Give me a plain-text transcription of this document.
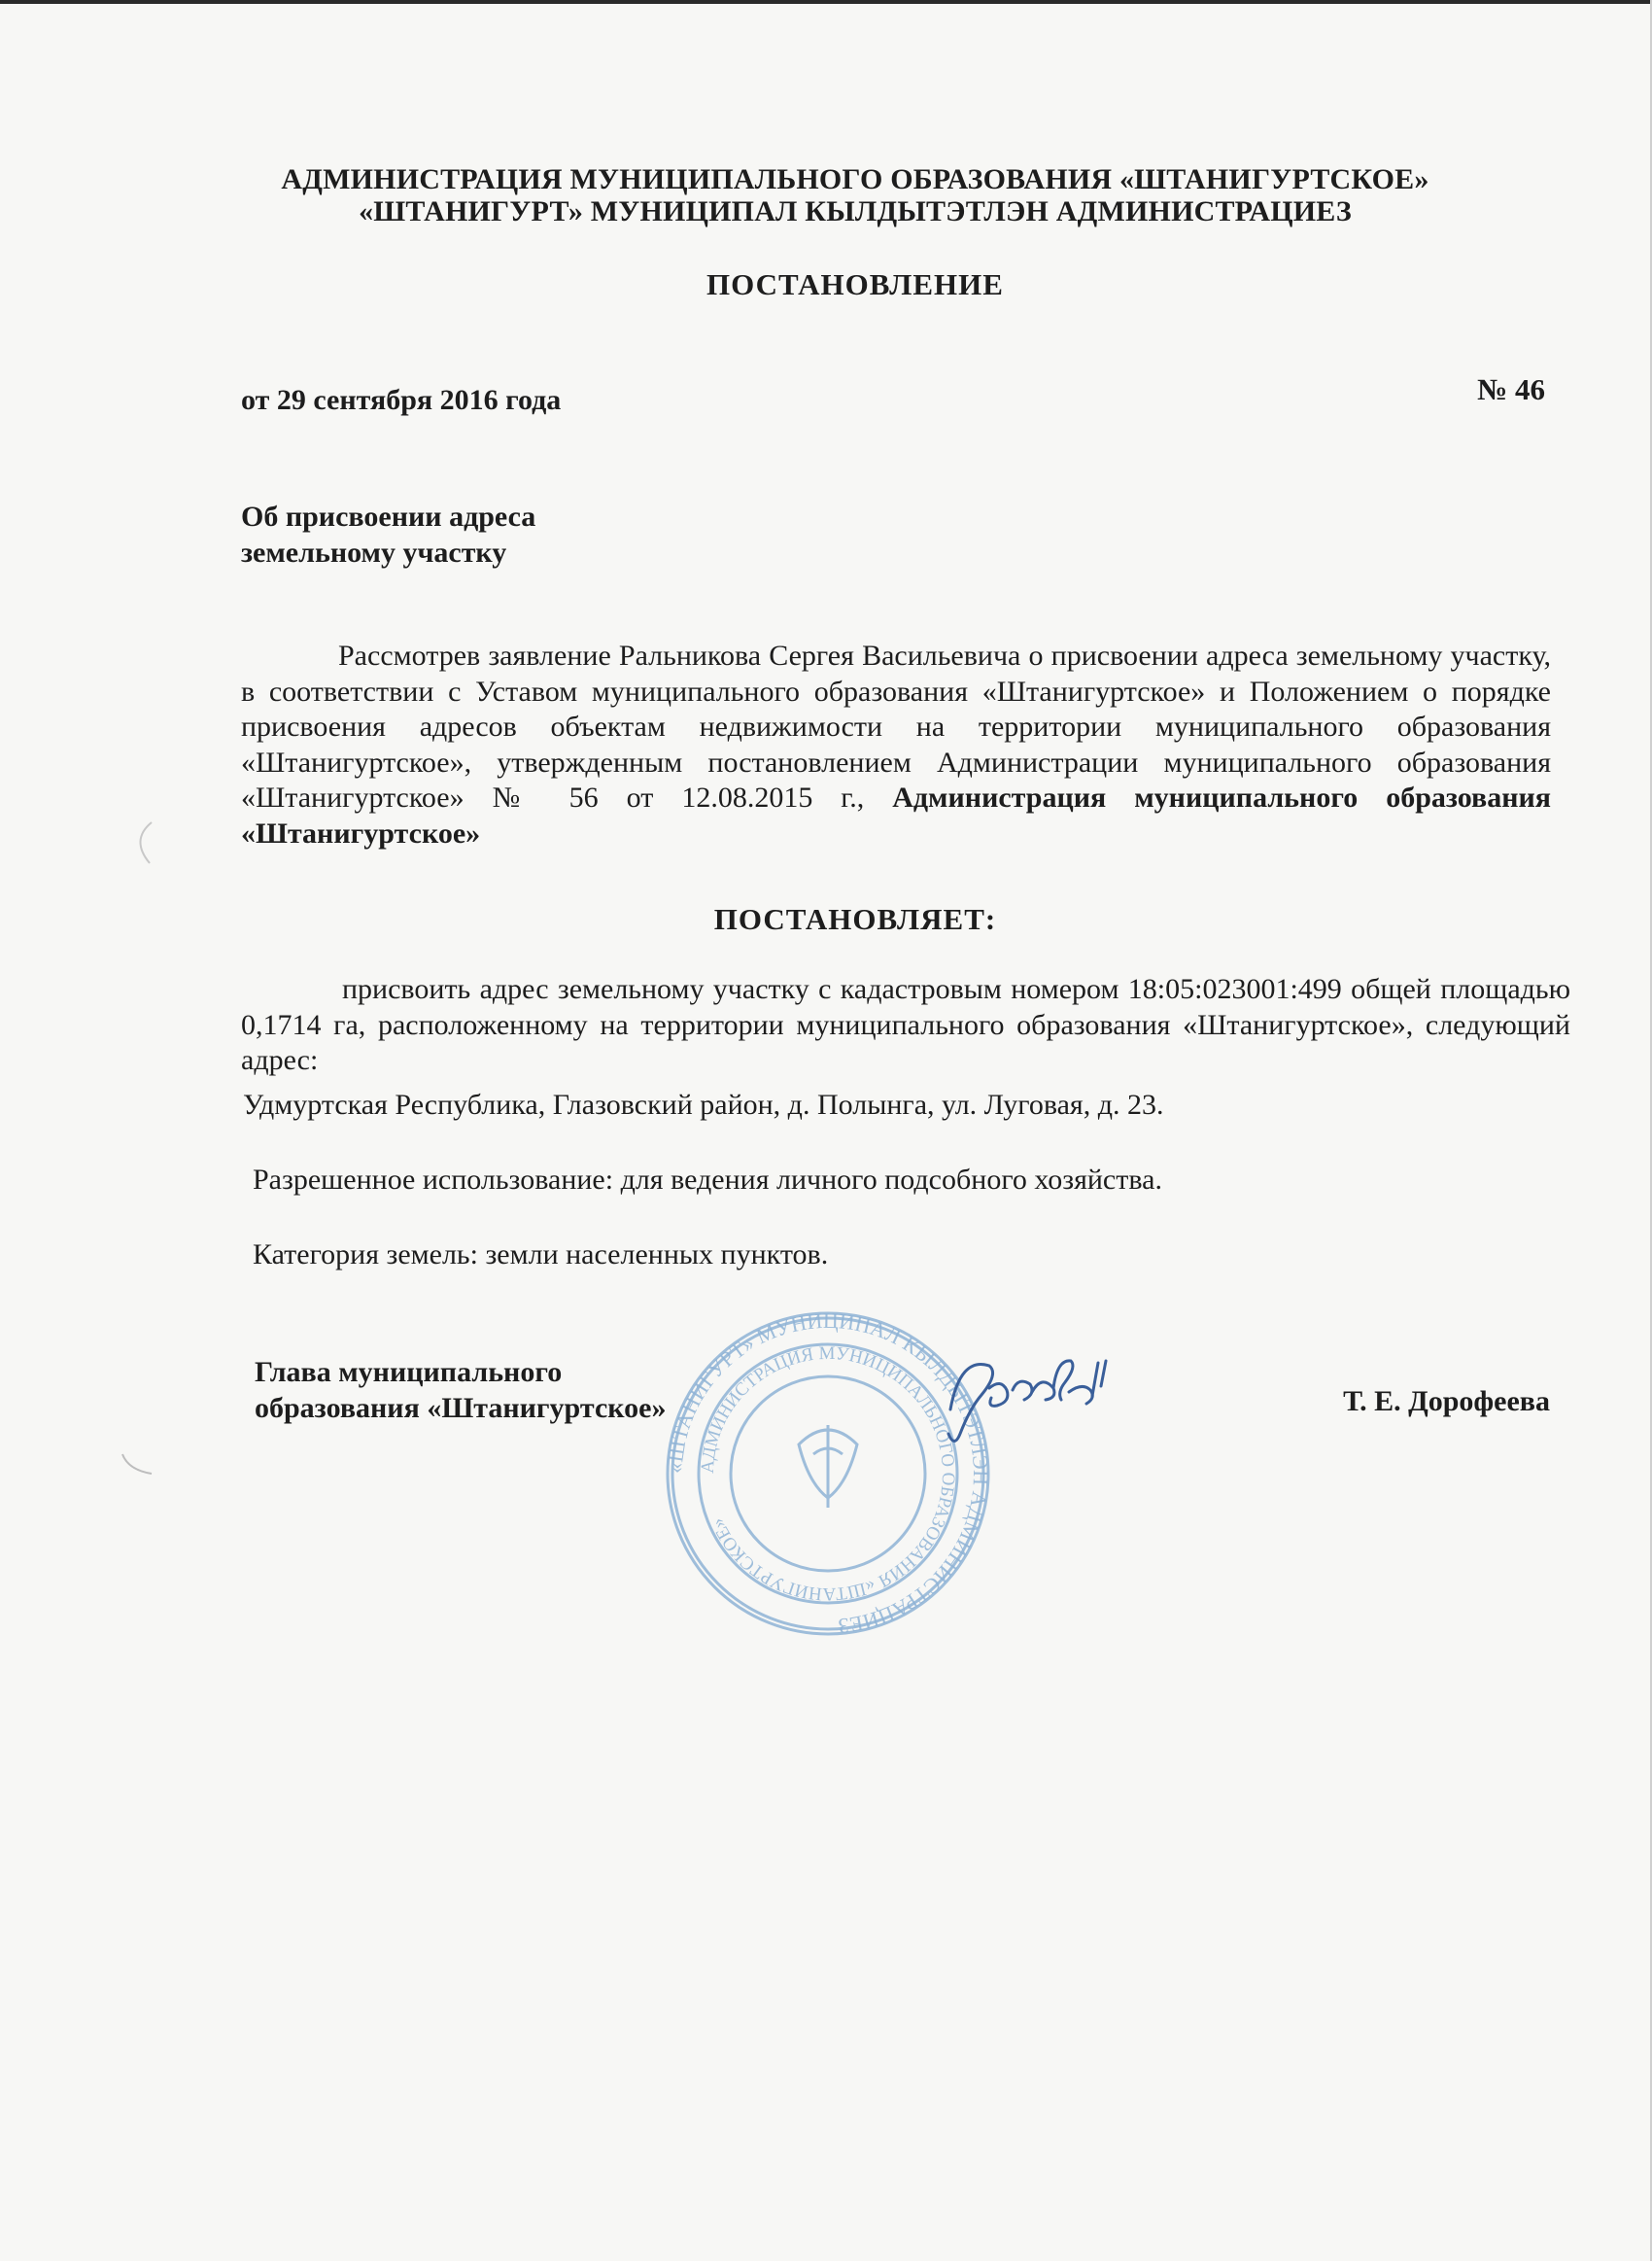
АДМИНИСТРАЦИЯ МУНИЦИПАЛЬНОГО ОБРАЗОВАНИЯ «ШТАНИГУРТСКОЕ»
«ШТАНИГУРТ» МУНИЦИПАЛ КЫЛДЫТЭТЛЭН АДМИНИСТРАЦИЕЗ
ПОСТАНОВЛЕНИЕ
от 29 сентября 2016 года	№ 46
Об присвоении адреса
земельному участку
Рассмотрев заявление Ральникова Сергея Васильевича о присвоении адреса земельному участку, в соответствии с Уставом муниципального образования «Штанигуртское» и Положением о порядке присвоения адресов объектам недвижимости на территории муниципального образования «Штанигуртское», утвержденным постановлением Администрации муниципального образования «Штанигуртское» № 56 от 12.08.2015 г., Администрация муниципального образования «Штанигуртское»
ПОСТАНОВЛЯЕТ:
присвоить адрес земельному участку с кадастровым номером 18:05:023001:499 общей площадью 0,1714 га, расположенному на территории муниципального образования «Штанигуртское», следующий адрес:
Удмуртская Республика, Глазовский район, д. Полынга, ул. Луговая, д. 23.
Разрешенное использование: для ведения личного подсобного хозяйства.
Категория земель: земли населенных пунктов.
«ШТАНИГУРТ» МУНИЦИПАЛ КЫЛДЫТЭТЛЭН АДМИНИСТРАЦИЕЗ
АДМИНИСТРАЦИЯ МУНИЦИПАЛЬНОГО ОБРАЗОВАНИЯ «ШТАНИГУРТСКОЕ»
Глава муниципального
образования «Штанигуртское»	Т. Е. Дорофеева
